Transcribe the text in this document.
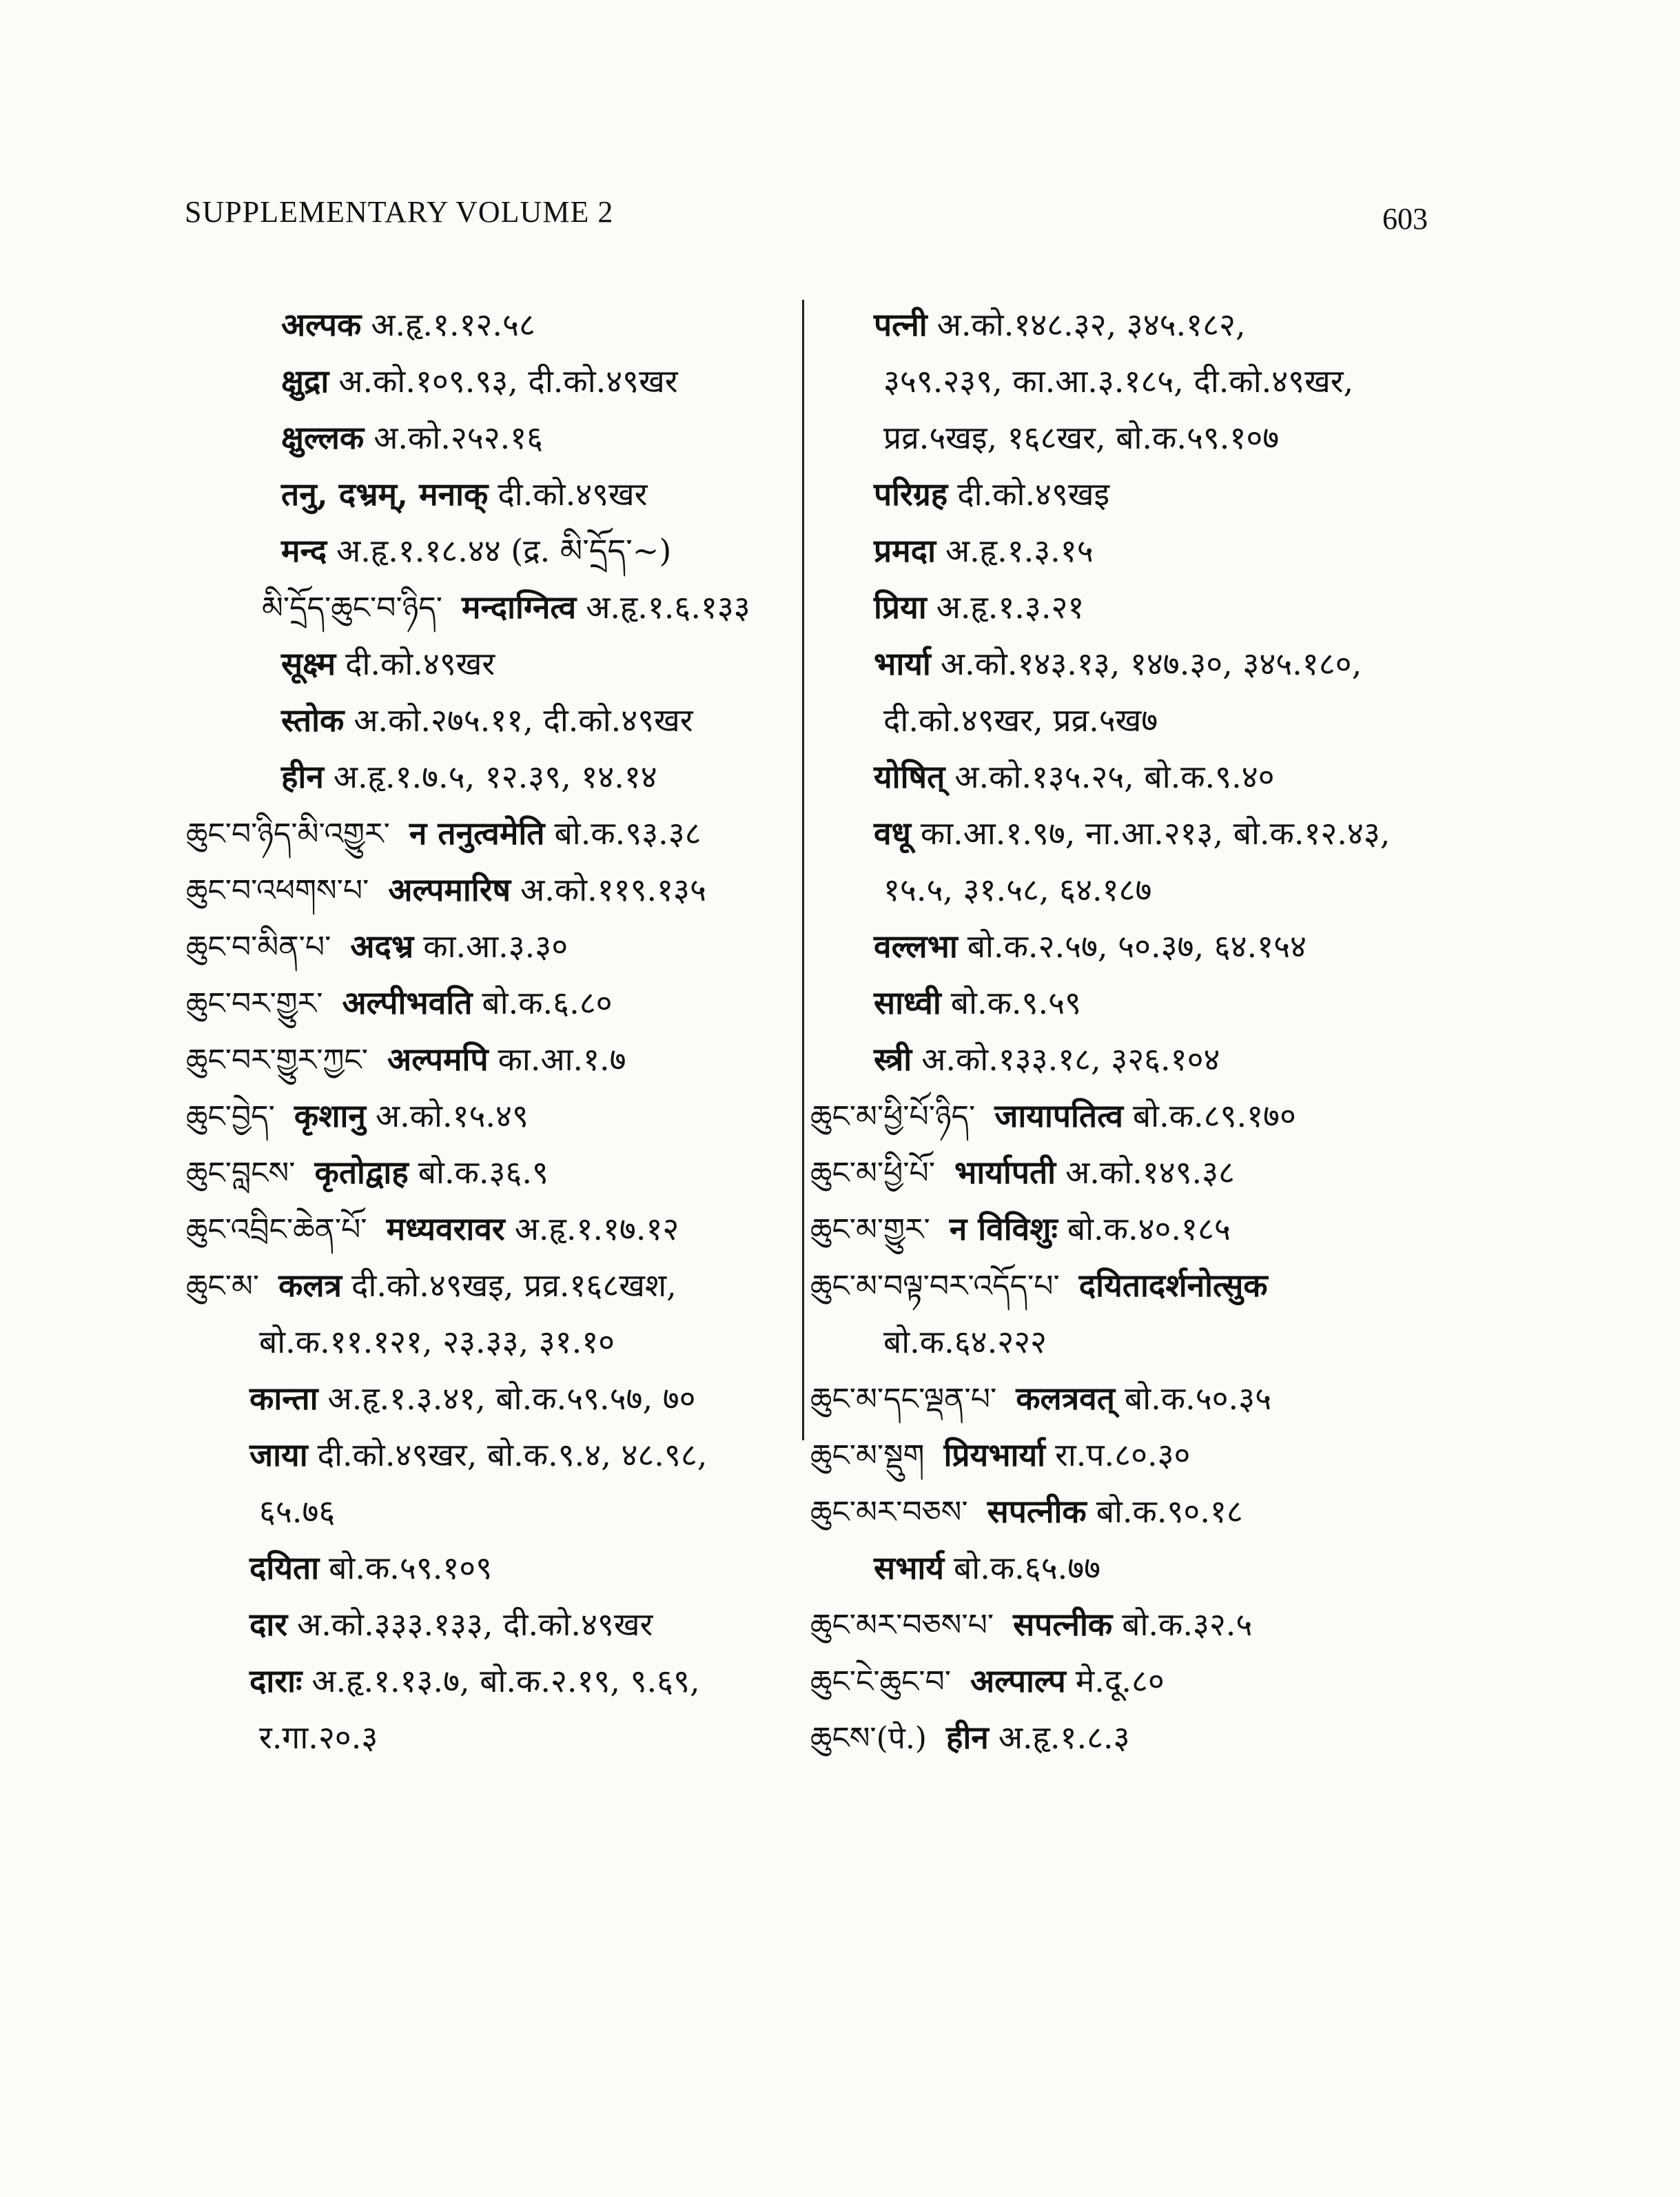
SUPPLEMENTARY VOLUME 2	603
अल्पक अ.हृ.१.१२.५८
क्षुद्रा अ.को.१०९.९३, दी.को.४९खर
क्षुल्लक अ.को.२५२.१६
तनु, दभ्रम्, मनाक् दी.को.४९खर
मन्द अ.हृ.१.१८.४४ (द्र. མི་དྲོད་~)
མི་དྲོད་ཆུང་བ་ཉིད་ मन्दाग्नित्व अ.हृ.१.६.१३३
सूक्ष्म दी.को.४९खर
स्तोक अ.को.२७५.११, दी.को.४९खर
हीन अ.हृ.१.७.५, १२.३९, १४.१४
ཆུང་བ་ཉིད་མི་འགྱུར་ न तनुत्वमेति बो.क.९३.३८
ཆུང་བ་འཕགས་པ་ अल्पमारिष अ.को.११९.१३५
ཆུང་བ་མིན་པ་ अदभ्र का.आ.३.३०
ཆུང་བར་གྱུར་ अल्पीभवति बो.क.६.८०
ཆུང་བར་གྱུར་ཀྱང་ अल्पमपि का.आ.१.७
ཆུང་བྱེད་ कृशानु अ.को.१५.४९
ཆུང་བླངས་ कृतोद्वाह बो.क.३६.९
ཆུང་འབྲིང་ཆེན་པོ་ मध्यवरावर अ.हृ.१.१७.१२
ཆུང་མ་ कलत्र दी.को.४९खइ, प्रव्र.१६८खश,
बो.क.११.१२१, २३.३३, ३१.१०
कान्ता अ.हृ.१.३.४१, बो.क.५९.५७, ७०
जाया दी.को.४९खर, बो.क.९.४, ४८.९८,
६५.७६
दयिता बो.क.५९.१०९
दार अ.को.३३३.१३३, दी.को.४९खर
दाराः अ.हृ.१.१३.७, बो.क.२.१९, ९.६९,
र.गा.२०.३
पत्नी अ.को.१४८.३२, ३४५.१८२,
३५९.२३९, का.आ.३.१८५, दी.को.४९खर,
प्रव्र.५खइ, १६८खर, बो.क.५९.१०७
परिग्रह दी.को.४९खइ
प्रमदा अ.हृ.१.३.१५
प्रिया अ.हृ.१.३.२१
भार्या अ.को.१४३.१३, १४७.३०, ३४५.१८०,
दी.को.४९खर, प्रव्र.५ख७
योषित् अ.को.१३५.२५, बो.क.९.४०
वधू का.आ.१.९७, ना.आ.२१३, बो.क.१२.४३,
१५.५, ३१.५८, ६४.१८७
वल्लभा बो.क.२.५७, ५०.३७, ६४.१५४
साध्वी बो.क.९.५९
स्त्री अ.को.१३३.१८, ३२६.१०४
ཆུང་མ་ཕྱི་པོ་ཉིད་ जायापतित्व बो.क.८९.१७०
ཆུང་མ་ཕྱི་པོ་ भार्यापती अ.को.१४९.३८
ཆུང་མ་གྱུར་ न विविशुः बो.क.४०.१८५
ཆུང་མ་བལྟ་བར་འདོད་པ་ दयितादर्शनोत्सुक
बो.क.६४.२२२
ཆུང་མ་དང་ལྡན་པ་ कलत्रवत् बो.क.५०.३५
ཆུང་མ་སྡུག प्रियभार्या रा.प.८०.३०
ཆུང་མར་བཅས་ सपत्नीक बो.क.९०.१८
सभार्य बो.क.६५.७७
ཆུང་མར་བཅས་པ་ सपत्नीक बो.क.३२.५
ཆུང་ངེ་ཆུང་བ་ अल्पाल्प मे.दू.८०
ཆུངས་(पे.) हीन अ.हृ.१.८.३
